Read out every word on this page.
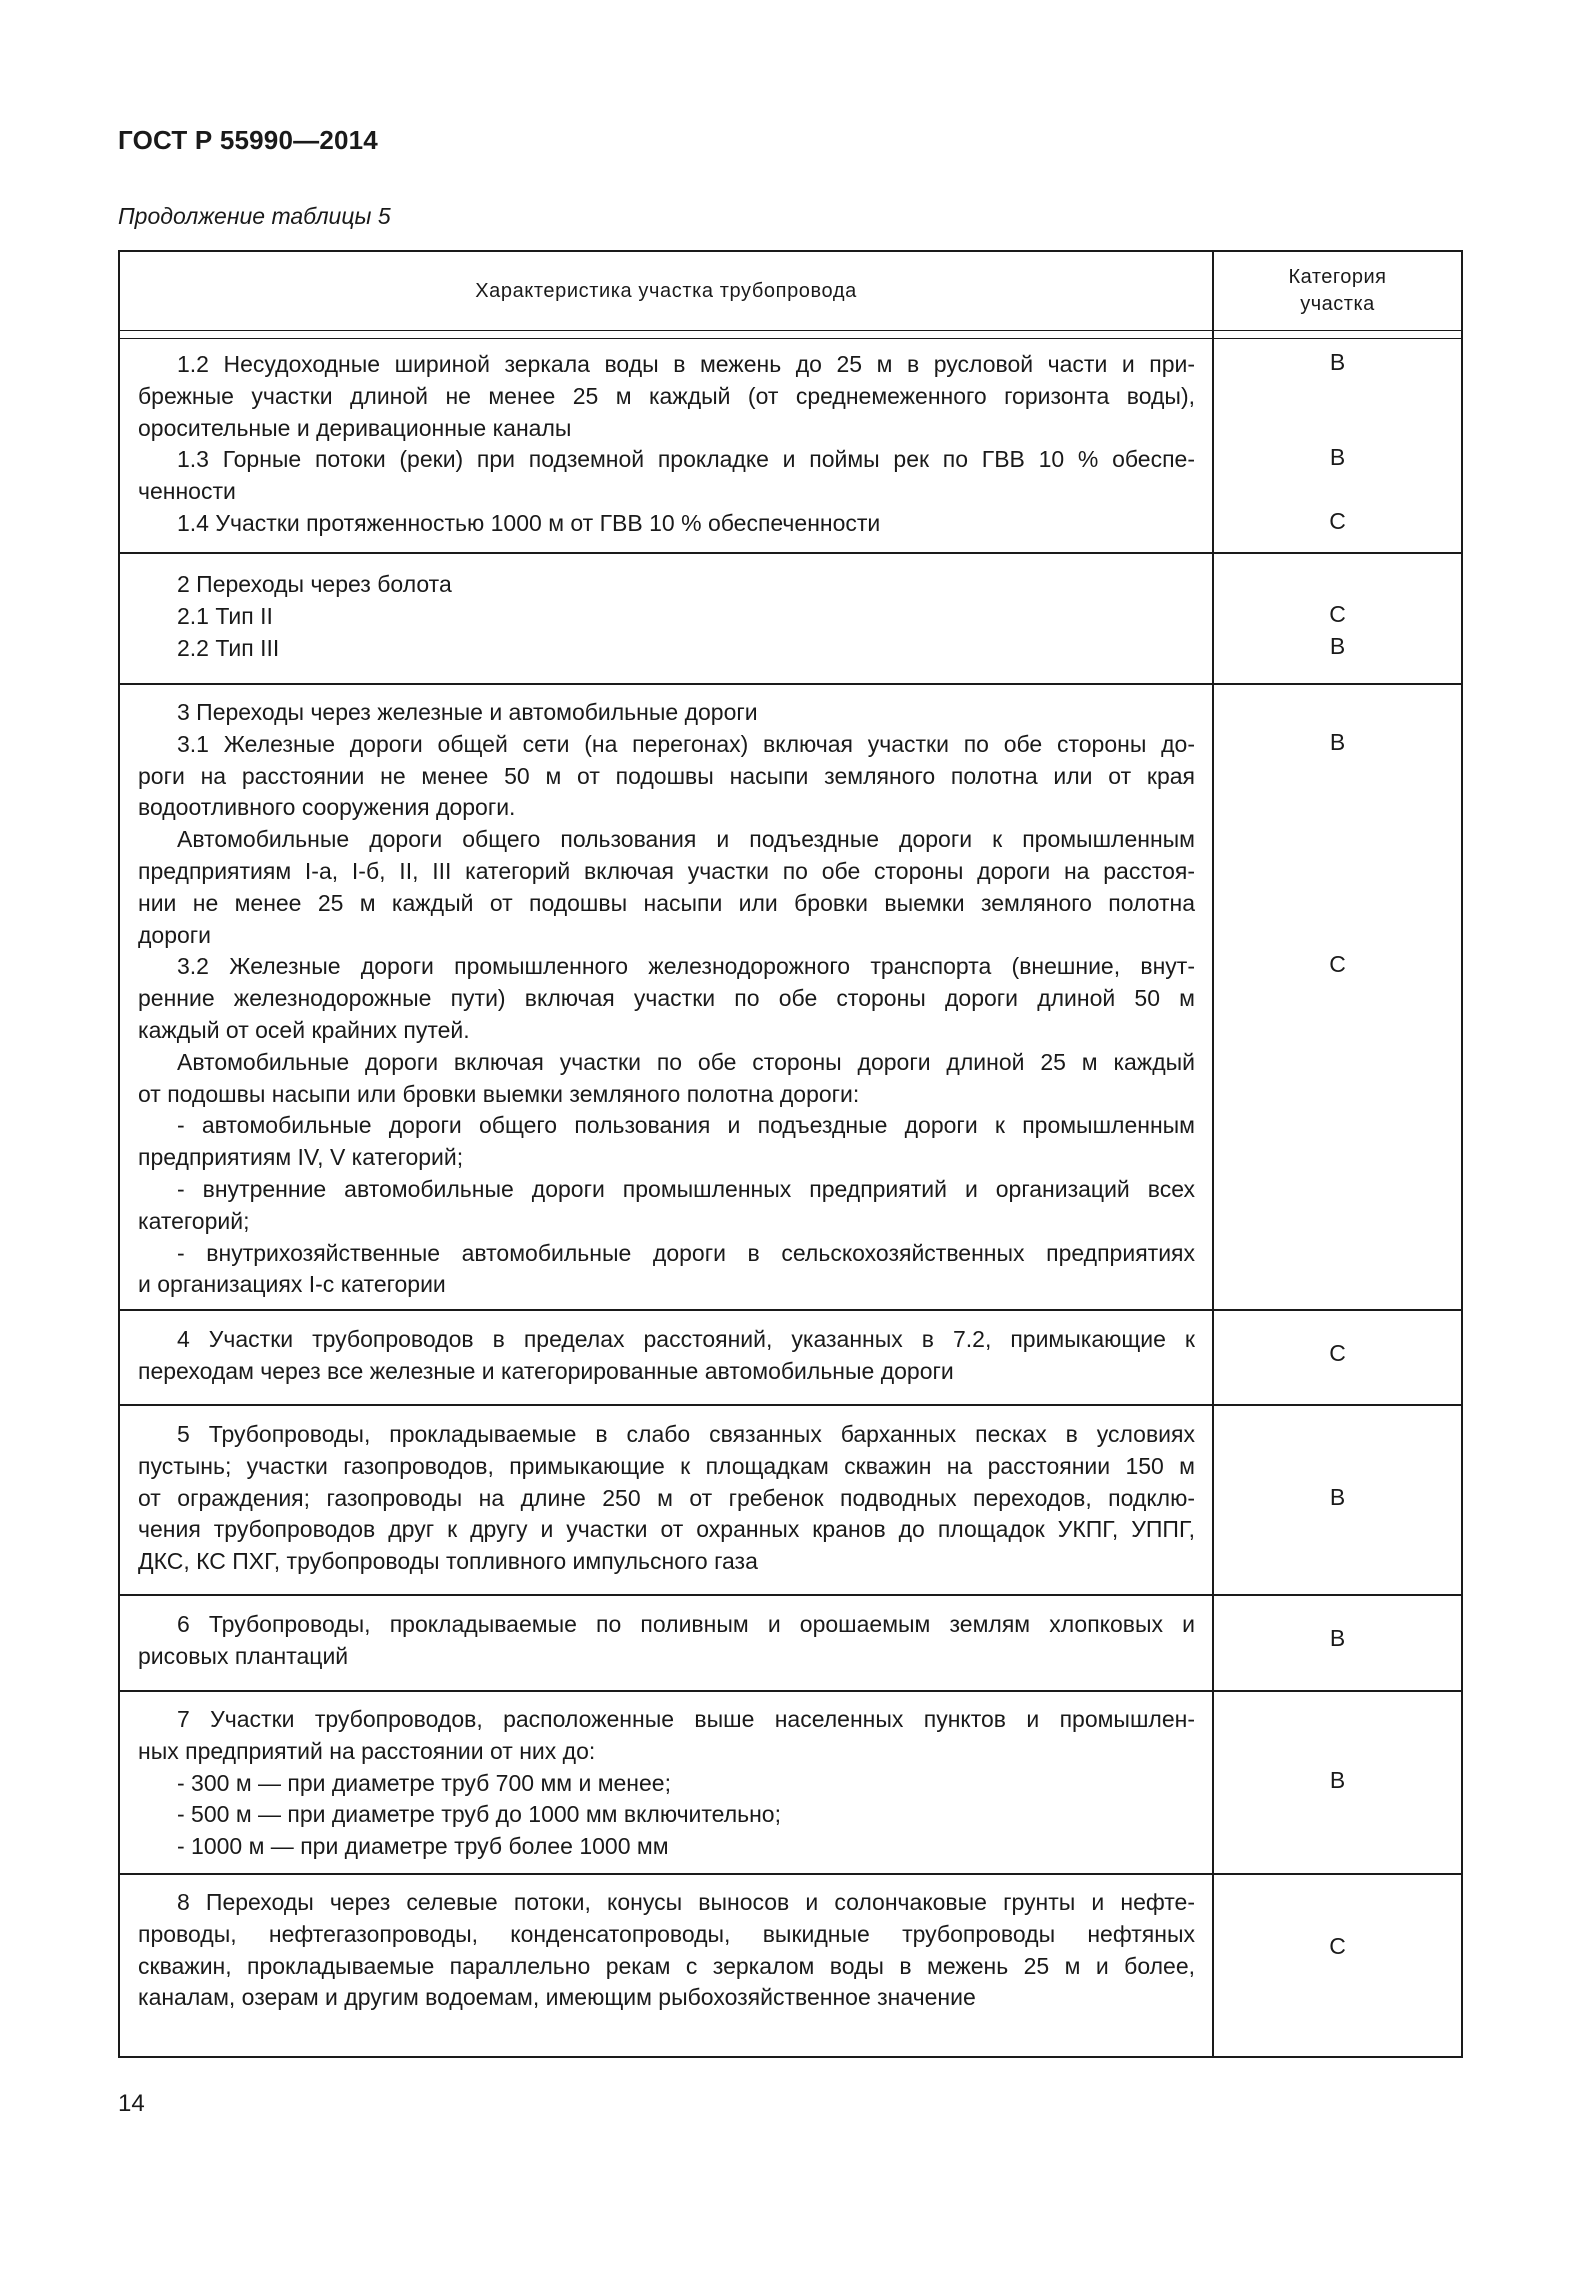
ГОСТ Р 55990—2014
Продолжение таблицы 5
Характеристика участка трубопровода
Категория
участка
1.2 Несудоходные шириной зеркала воды в межень до 25 м в русловой части и при-
брежные участки длиной не менее 25 м каждый (от среднемеженного горизонта воды),
оросительные и деривационные каналы
1.3 Горные потоки (реки) при подземной прокладке и поймы рек по ГВВ 10 % обеспе-
ченности
1.4 Участки протяженностью 1000 м от ГВВ 10 % обеспеченности
В
В
С
2 Переходы через болота
2.1 Тип II
2.2 Тип III
С
В
3 Переходы через железные и автомобильные дороги
3.1 Железные дороги общей сети (на перегонах) включая участки по обе стороны до-
роги на расстоянии не менее 50 м от подошвы насыпи земляного полотна или от края
водоотливного сооружения дороги.
Автомобильные дороги общего пользования и подъездные дороги к промышленным
предприятиям I-а, I-б, II, III категорий включая участки по обе стороны дороги на расстоя-
нии не менее 25 м каждый от подошвы насыпи или бровки выемки земляного полотна
дороги
3.2 Железные дороги промышленного железнодорожного транспорта (внешние, внут-
ренние железнодорожные пути) включая участки по обе стороны дороги длиной 50 м
каждый от осей крайних путей.
Автомобильные дороги включая участки по обе стороны дороги длиной 25 м каждый
от подошвы насыпи или бровки выемки земляного полотна дороги:
- автомобильные дороги общего пользования и подъездные дороги к промышленным
предприятиям IV, V категорий;
- внутренние автомобильные дороги промышленных предприятий и организаций всех
категорий;
- внутрихозяйственные автомобильные дороги в сельскохозяйственных предприятиях
и организациях I-с категории
В
С
4 Участки трубопроводов в пределах расстояний, указанных в 7.2, примыкающие к
переходам через все железные и категорированные автомобильные дороги
С
5 Трубопроводы, прокладываемые в слабо связанных барханных песках в условиях
пустынь; участки газопроводов, примыкающие к площадкам скважин на расстоянии 150 м
от ограждения; газопроводы на длине 250 м от гребенок подводных переходов, подклю-
чения трубопроводов друг к другу и участки от охранных кранов до площадок УКПГ, УППГ,
ДКС, КС ПХГ, трубопроводы топливного импульсного газа
В
6 Трубопроводы, прокладываемые по поливным и орошаемым землям хлопковых и
рисовых плантаций
В
7 Участки трубопроводов, расположенные выше населенных пунктов и промышлен-
ных предприятий на расстоянии от них до:
- 300 м — при диаметре труб 700 мм и менее;
- 500 м — при диаметре труб до 1000 мм включительно;
- 1000 м — при диаметре труб более 1000 мм
В
8 Переходы через селевые потоки, конусы выносов и солончаковые грунты и нефте-
проводы, нефтегазопроводы, конденсатопроводы, выкидные трубопроводы нефтяных
скважин, прокладываемые параллельно рекам с зеркалом воды в межень 25 м и более,
каналам, озерам и другим водоемам, имеющим рыбохозяйственное значение
С
14
